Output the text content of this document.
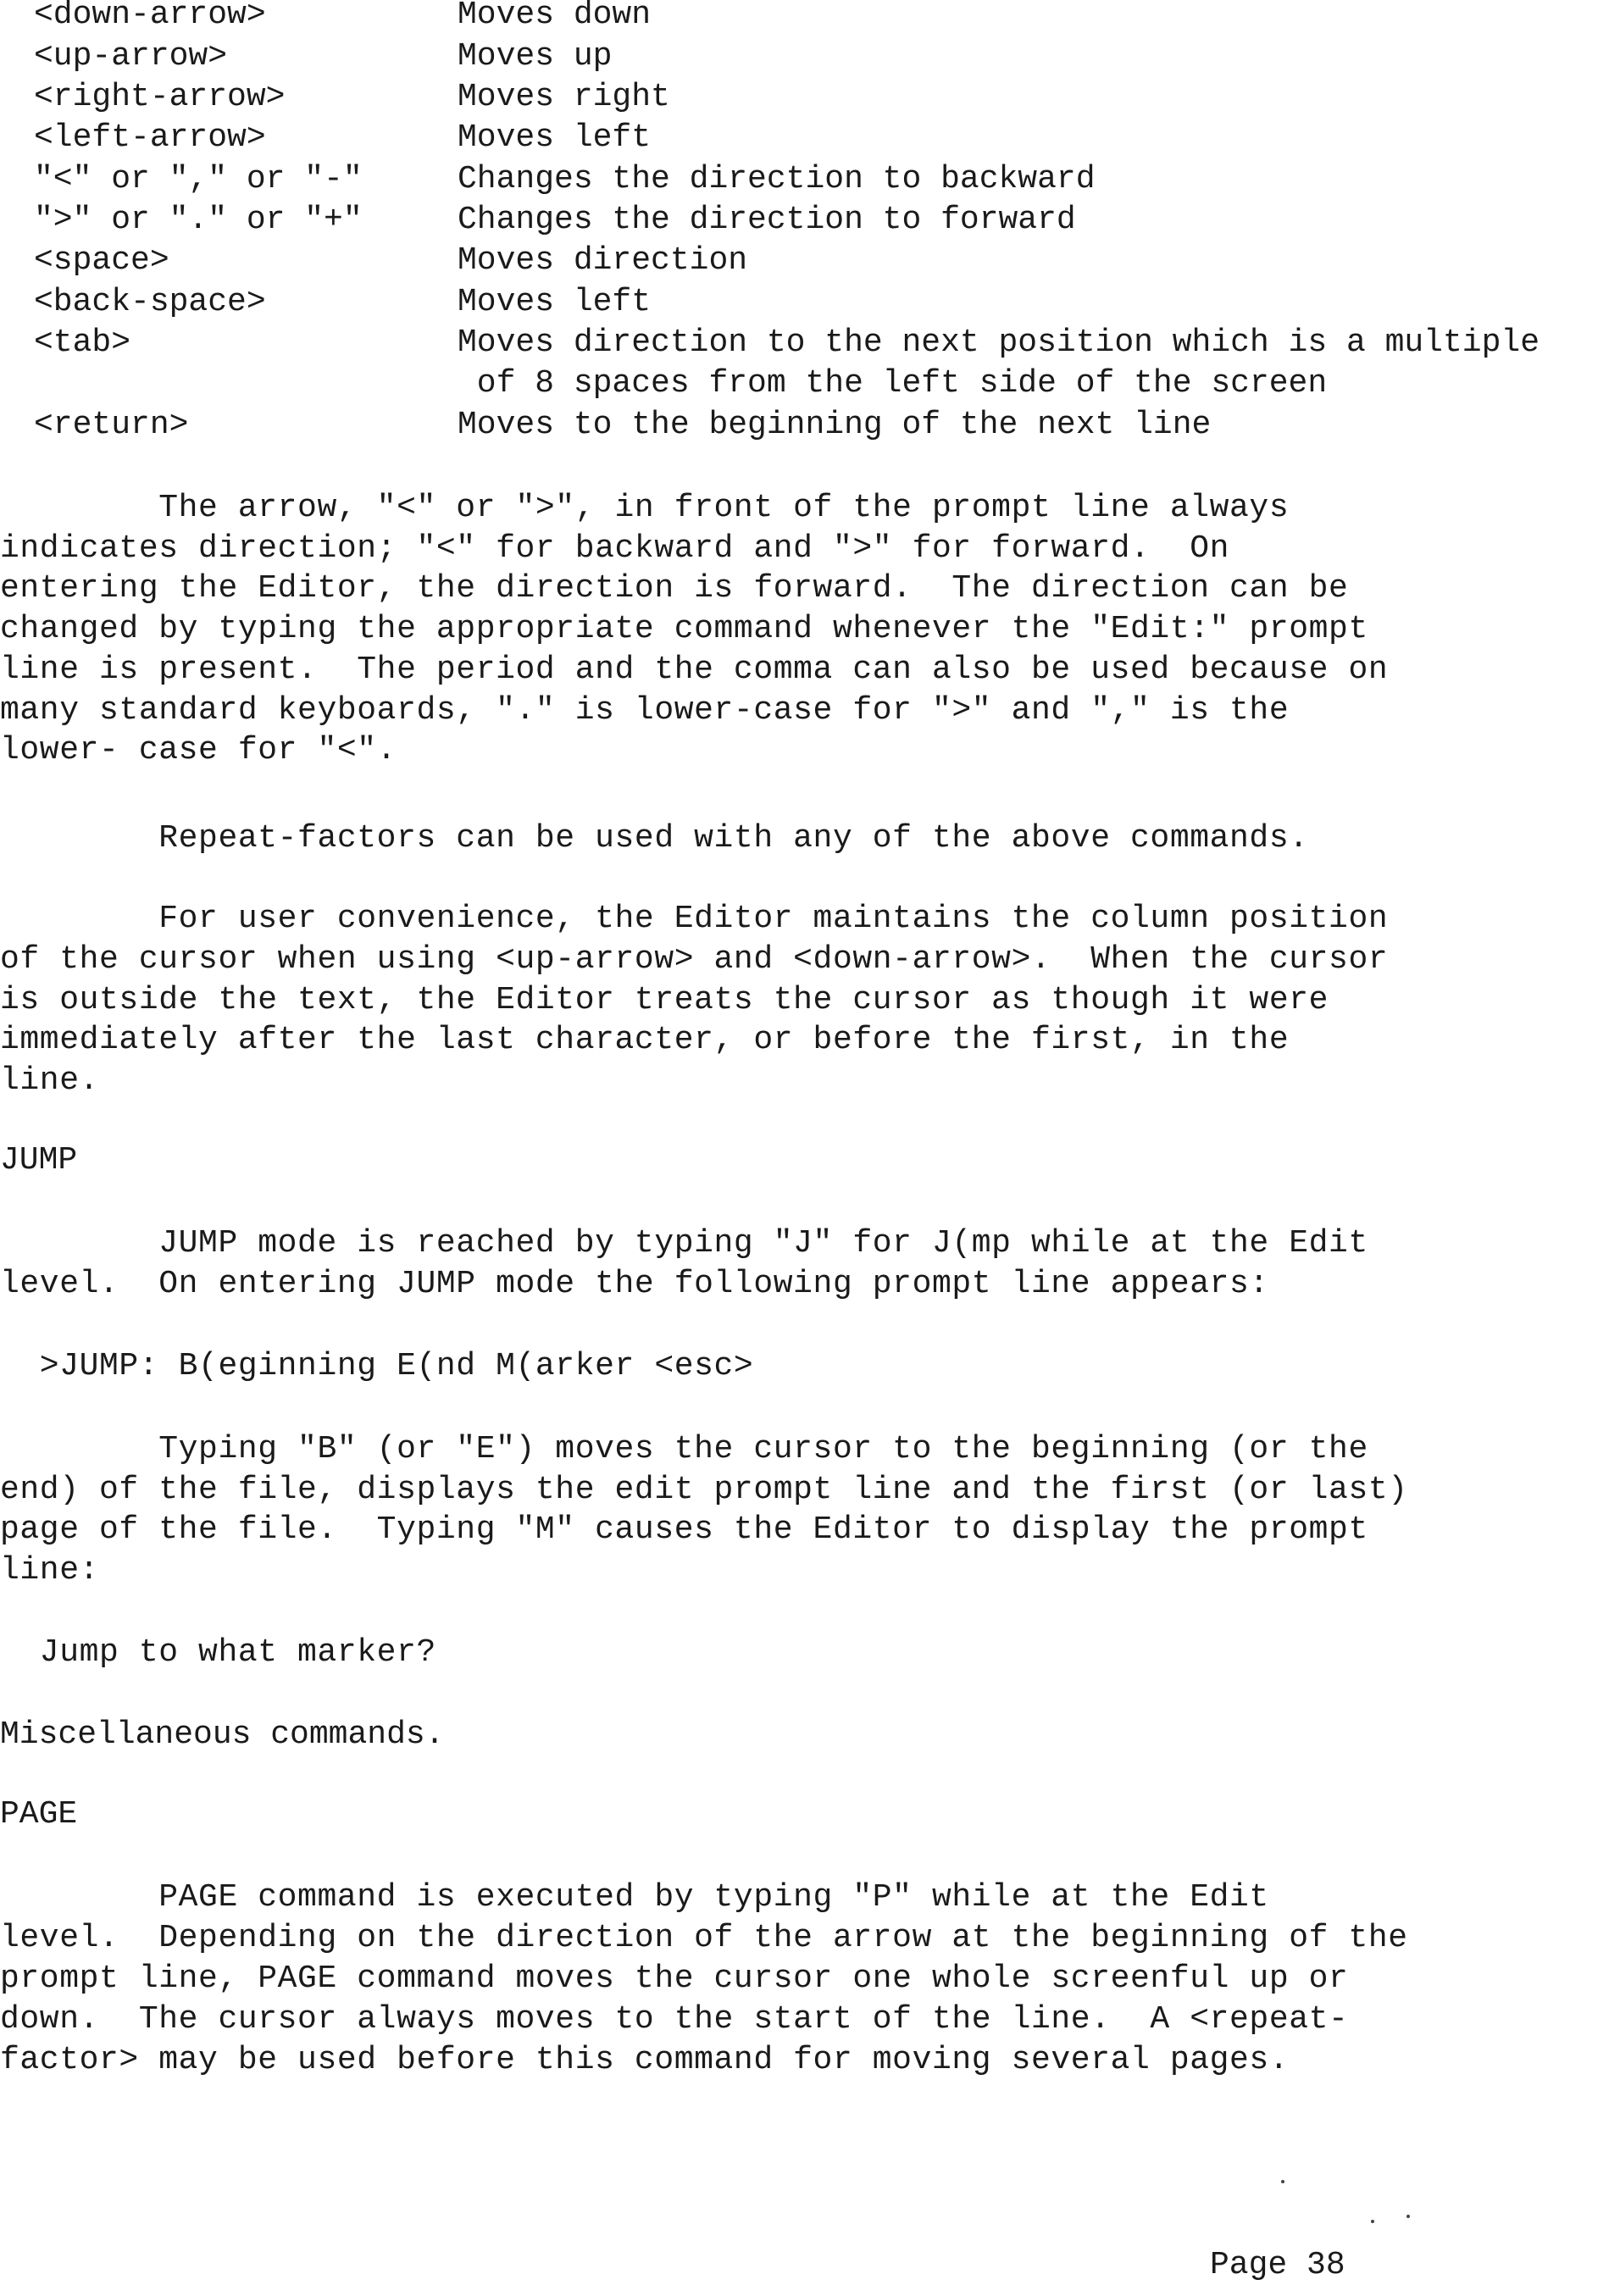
<down-arrow>	Moves down
<up-arrow>	Moves up
<right-arrow>	Moves right
<left-arrow>	Moves left
"<" or "," or "-"	Changes the direction to backward
">" or "." or "+"	Changes the direction to forward
<space>	Moves direction
<back-space>	Moves left
<tab>	Moves direction to the next position which is a multiple
of 8 spaces from the left side of the screen
<return>	Moves to the beginning of the next line
The arrow, "<" or ">", in front of the prompt line always
indicates direction; "<" for backward and ">" for forward.  On
entering the Editor, the direction is forward.  The direction can be
changed by typing the appropriate command whenever the "Edit:" prompt
line is present.  The period and the comma can also be used because on
many standard keyboards, "." is lower-case for ">" and "," is the
lower- case for "<".
Repeat-factors can be used with any of the above commands.
For user convenience, the Editor maintains the column position
of the cursor when using <up-arrow> and <down-arrow>.  When the cursor
is outside the text, the Editor treats the cursor as though it were
immediately after the last character, or before the first, in the
line.
JUMP
JUMP mode is reached by typing "J" for J(mp while at the Edit
level.  On entering JUMP mode the following prompt line appears:
>JUMP: B(eginning E(nd M(arker <esc>
Typing "B" (or "E") moves the cursor to the beginning (or the
end) of the file, displays the edit prompt line and the first (or last)
page of the file.  Typing "M" causes the Editor to display the prompt
line:
Jump to what marker?
Miscellaneous commands.
PAGE
PAGE command is executed by typing "P" while at the Edit
level.  Depending on the direction of the arrow at the beginning of the
prompt line, PAGE command moves the cursor one whole screenful up or
down.  The cursor always moves to the start of the line.  A <repeat-
factor> may be used before this command for moving several pages.
Page 38
